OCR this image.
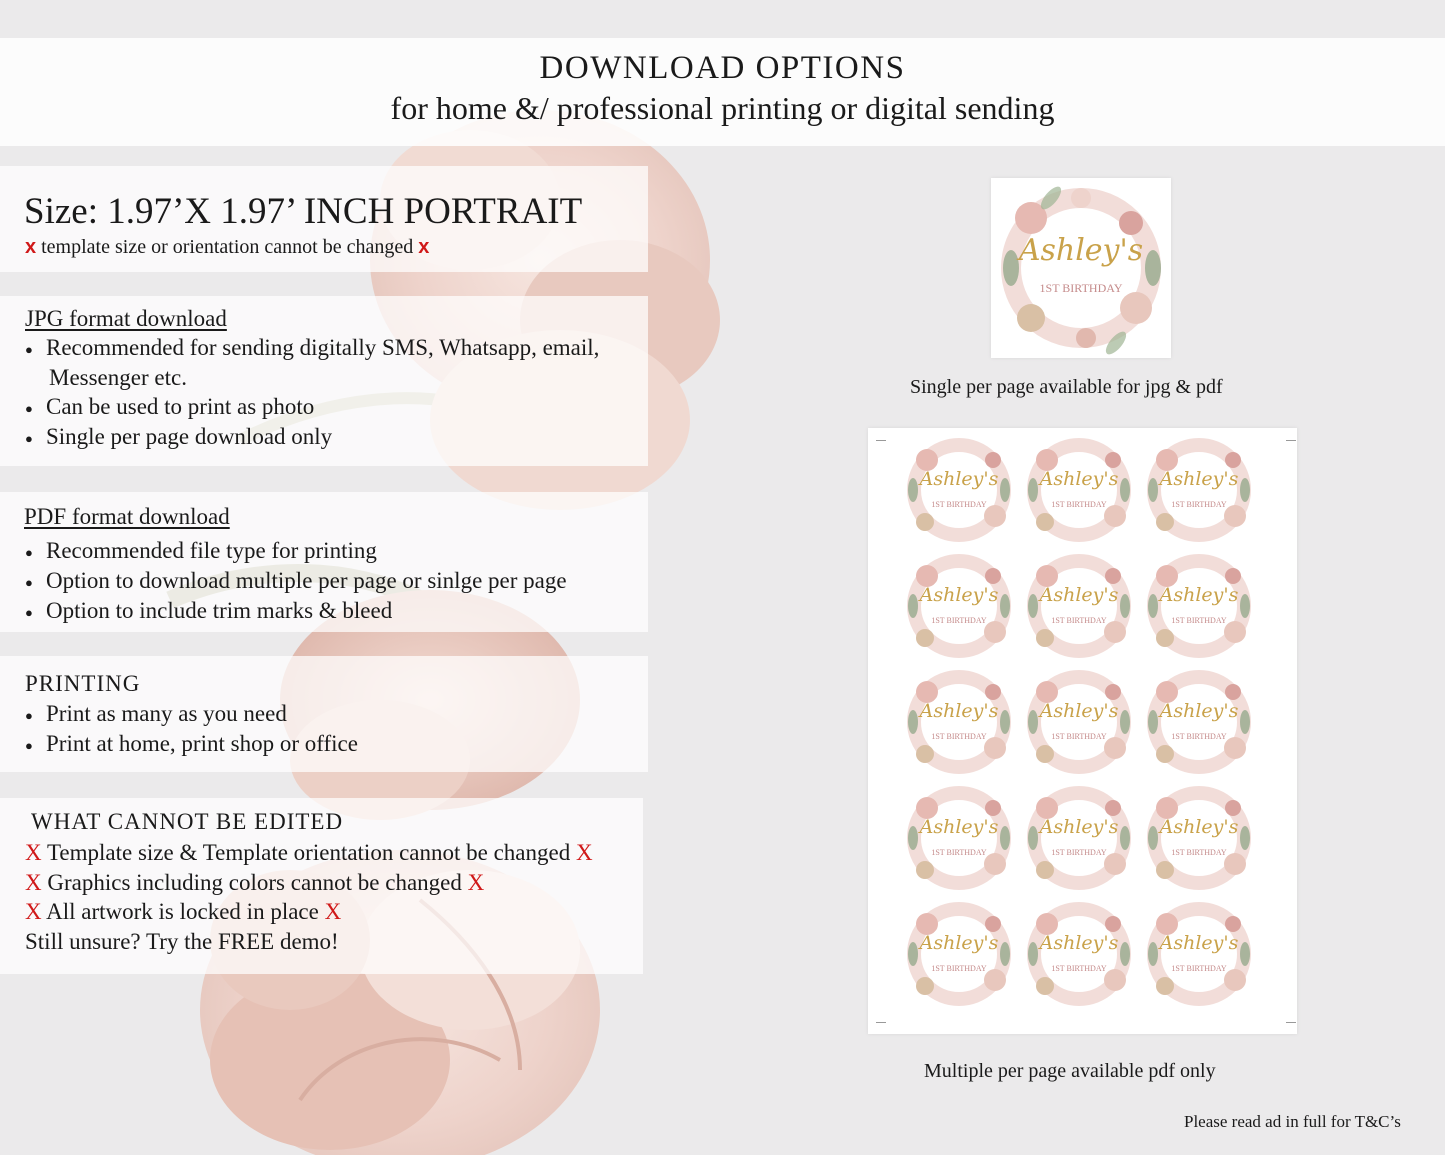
DOWNLOAD OPTIONS
for home &/ professional printing or digital sending
Size: 1.97’X 1.97’ INCH PORTRAIT
x template size or orientation cannot be changed x
JPG format download
● Recommended for sending digitally SMS, Whatsapp, email,
Messenger etc.
● Can be used to print as photo
● Single per page download only
PDF format download
● Recommended file type for printing
● Option to download multiple per page or sinlge per page
● Option to include trim marks & bleed
PRINTING
● Print as many as you need
● Print at home, print shop or office
WHAT CANNOT BE EDITED
X Template size & Template orientation cannot be changed X
X Graphics including colors cannot be changed X
X All artwork is locked in place X
Still unsure? Try the FREE demo!
Ashley's
1ST BIRTHDAY
Single per page available for jpg & pdf
Ashley's
1ST BIRTHDAY
Ashley's
1ST BIRTHDAY
Ashley's
1ST BIRTHDAY
Ashley's
1ST BIRTHDAY
Ashley's
1ST BIRTHDAY
Ashley's
1ST BIRTHDAY
Ashley's
1ST BIRTHDAY
Ashley's
1ST BIRTHDAY
Ashley's
1ST BIRTHDAY
Ashley's
1ST BIRTHDAY
Ashley's
1ST BIRTHDAY
Ashley's
1ST BIRTHDAY
Ashley's
1ST BIRTHDAY
Ashley's
1ST BIRTHDAY
Ashley's
1ST BIRTHDAY
Multiple per page available pdf only
Please read ad in full for T&C’s
